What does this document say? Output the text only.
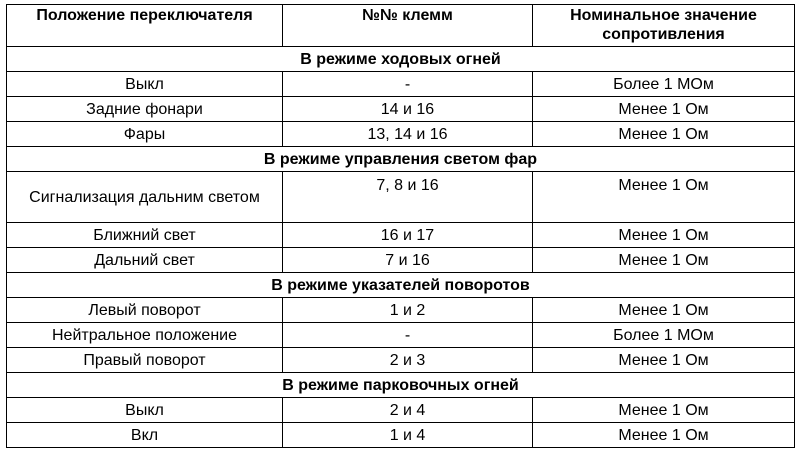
Положение переключателя	№№ клемм	Номинальное значение сопротивления
В режиме ходовых огней		
Выкл	-	Более 1 МОм
Задние фонари	14 и 16	Менее 1 Ом
Фары	13, 14 и 16	Менее 1 Ом
В режиме управления светом фар		
Сигнализация дальним светом	7, 8 и 16	Менее 1 Ом
Ближний свет	16 и 17	Менее 1 Ом
Дальний свет	7 и 16	Менее 1 Ом
В режиме указателей поворотов		
Левый поворот	1 и 2	Менее 1 Ом
Нейтральное положение	-	Более 1 МОм
Правый поворот	2 и 3	Менее 1 Ом
В режиме парковочных огней		
Выкл	2 и 4	Менее 1 Ом
Вкл	1 и 4	Менее 1 Ом
